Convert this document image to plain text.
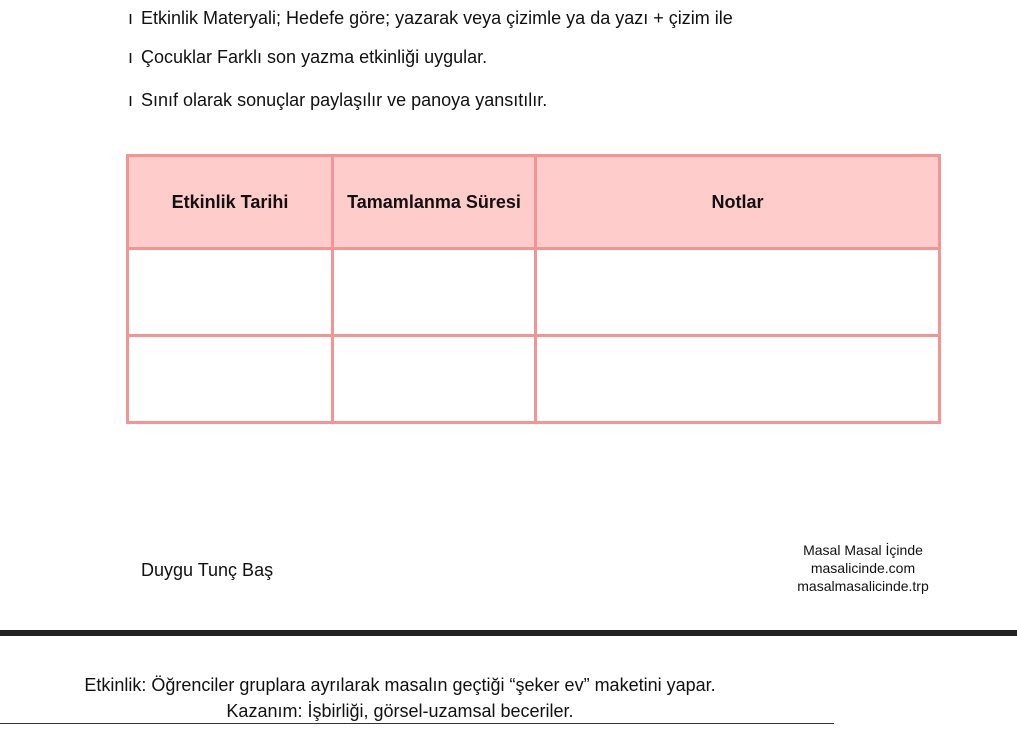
ı Etkinlik Materyali; Hedefe göre; yazarak veya çizimle ya da yazı + çizim ile
ı Çocuklar Farklı son yazma etkinliği uygular.
ı Sınıf olarak sonuçlar paylaşılır ve panoya yansıtılır.
Etkinlik Tarihi	Tamamlanma Süresi	Notlar

Duygu Tunç Baş
Masal Masal İçinde
masalicinde.com
masalmasalicinde.trp
Etkinlik: Öğrenciler gruplara ayrılarak masalın geçtiği “şeker ev” maketini yapar.
Kazanım: İşbirliği, görsel-uzamsal beceriler.
